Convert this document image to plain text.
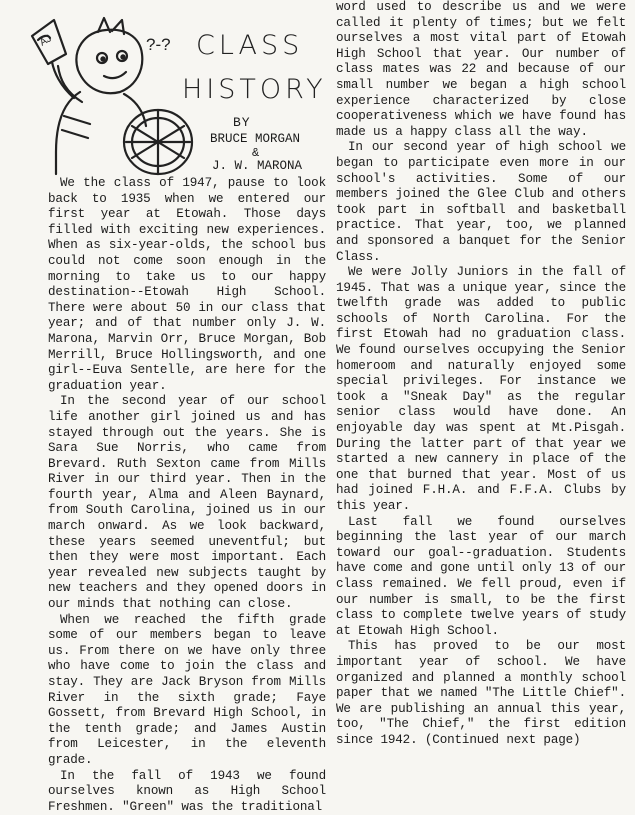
AJ	?-? CLASS
HISTORY
BY
BRUCE MORGAN
&
J. W. MARONA

We the class of 1947, pause to look back to 1935 when we entered our first year at Etowah. Those days filled with exciting new experiences. When as six-year-olds, the school bus could not come soon enough in the morning to take us to our happy destination--Etowah High School. There were about 50 in our class that year; and of that number only J. W. Marona, Marvin Orr, Bruce Morgan, Bob Merrill, Bruce Hollingsworth, and one girl--Euva Sentelle, are here for the graduation year.

In the second year of our school life another girl joined us and has stayed through out the years. She is Sara Sue Norris, who came from Brevard. Ruth Sexton came from Mills River in our third year. Then in the fourth year, Alma and Aleen Baynard, from South Carolina, joined us in our march onward. As we look backward, these years seemed uneventful; but then they were most important. Each year revealed new subjects taught by new teachers and they opened doors in our minds that nothing can close.

When we reached the fifth grade some of our members began to leave us. From there on we have only three who have come to join the class and stay. They are Jack Bryson from Mills River in the sixth grade; Faye Gossett, from Brevard High School, in the tenth grade; and James Austin from Leicester, in the eleventh grade.

In the fall of 1943 we found ourselves known as High School Freshmen. "Green" was the traditional

word used to describe us and we were called it plenty of times; but we felt ourselves a most vital part of Etowah High School that year. Our number of class mates was 22 and because of our small number we began a high school experience characterized by close cooperativeness which we have found has made us a happy class all the way.

In our second year of high school we began to participate even more in our school's activities. Some of our members joined the Glee Club and others took part in softball and basketball practice. That year, too, we planned and sponsored a banquet for the Senior Class.

We were Jolly Juniors in the fall of 1945. That was a unique year, since the twelfth grade was added to public schools of North Carolina. For the first Etowah had no graduation class. We found ourselves occupying the Senior homeroom and naturally enjoyed some special privileges. For instance we took a "Sneak Day" as the regular senior class would have done. An enjoyable day was spent at Mt.Pisgah. During the latter part of that year we started a new cannery in place of the one that burned that year. Most of us had joined F.H.A. and F.F.A. Clubs by this year.

Last fall we found ourselves beginning the last year of our march toward our goal--graduation. Students have come and gone until only 13 of our class remained. We fell proud, even if our number is small, to be the first class to complete twelve years of study at Etowah High School.

This has proved to be our most important year of school. We have organized and planned a monthly school paper that we named "The Little Chief". We are publishing an annual this year, too, "The Chief," the first edition since 1942. (Continued next page)
